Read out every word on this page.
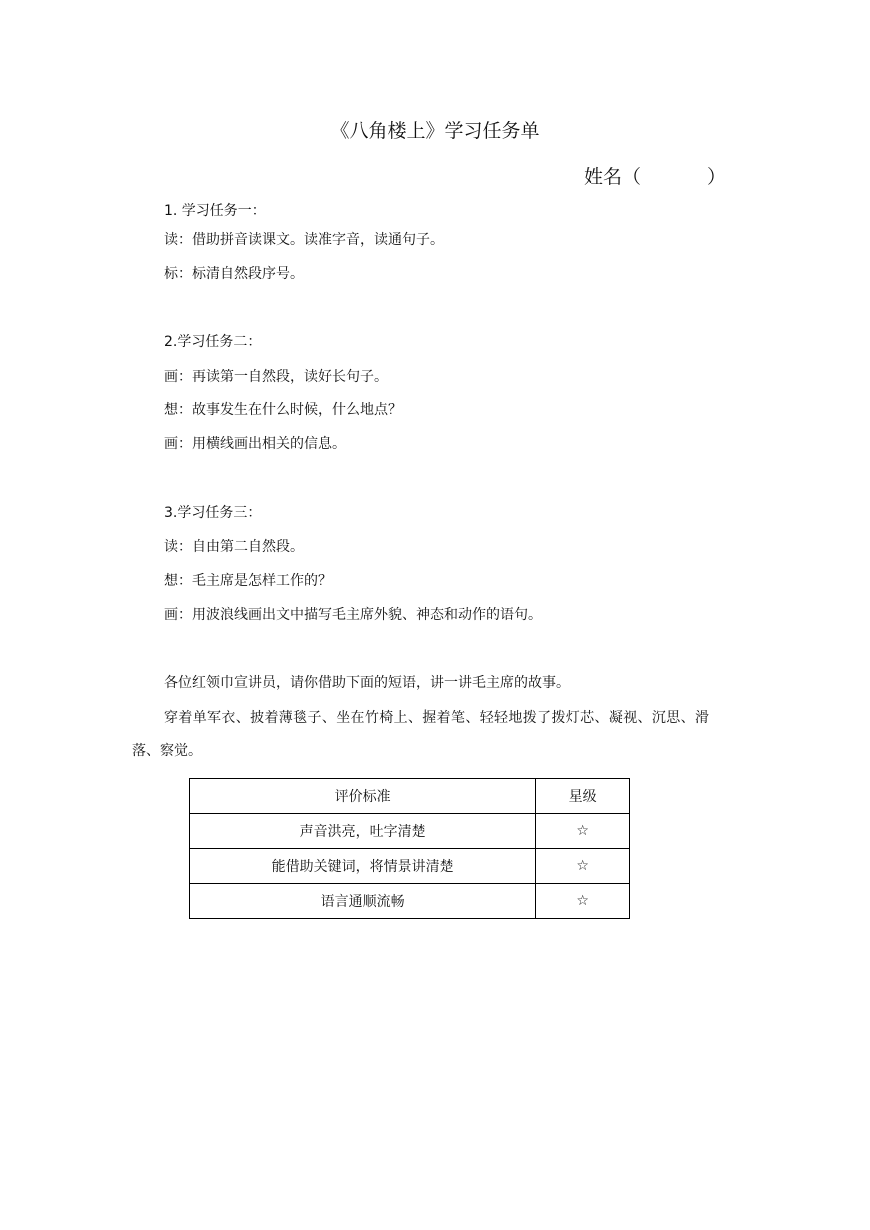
《八角楼上》学习任务单
姓名（	）
1. 学习任务一：
读：借助拼音读课文。读准字音，读通句子。
标：标清自然段序号。
2.学习任务二：
画：再读第一自然段，读好长句子。
想：故事发生在什么时候，什么地点？
画：用横线画出相关的信息。
3.学习任务三：
读：自由第二自然段。
想：毛主席是怎样工作的？
画：用波浪线画出文中描写毛主席外貌、神态和动作的语句。
各位红领巾宣讲员，请你借助下面的短语，讲一讲毛主席的故事。
穿着单军衣、披着薄毯子、坐在竹椅上、握着笔、轻轻地拨了拨灯芯、凝视、沉思、滑
落、察觉。
评价标准	星级
声音洪亮，吐字清楚	☆
能借助关键词，将情景讲清楚	☆
语言通顺流畅	☆
